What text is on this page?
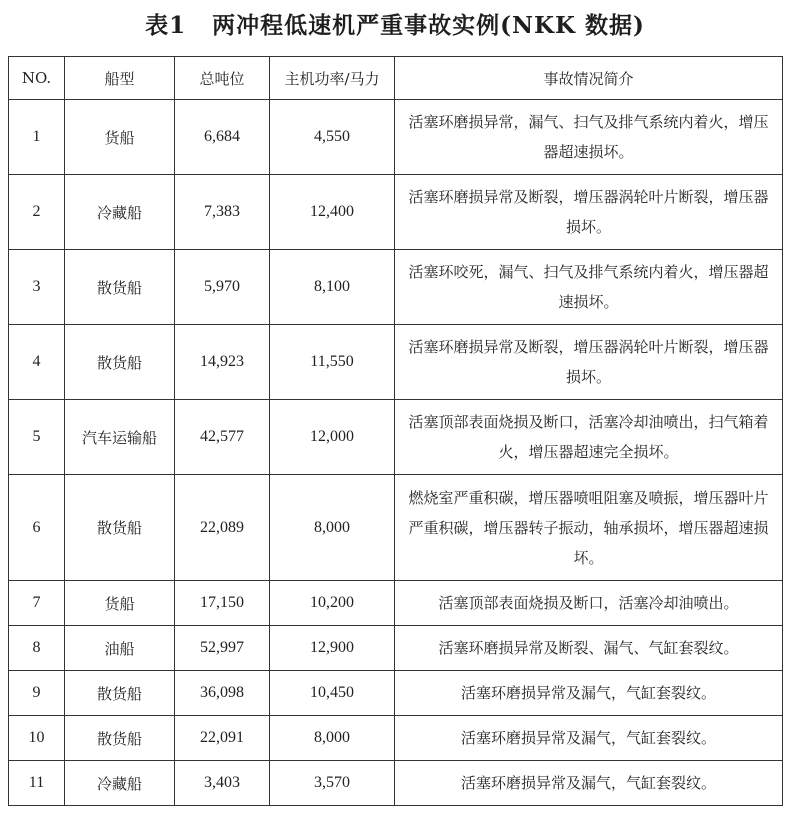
表1 两冲程低速机严重事故实例(NKK 数据)
NO.	船型	总吨位	主机功率/马力	事故情况简介
1	货船	6,684	4,550	活塞环磨损异常，漏气、扫气及排气系统内着火，增压器超速损坏。
2	冷藏船	7,383	12,400	活塞环磨损异常及断裂，增压器涡轮叶片断裂，增压器损坏。
3	散货船	5,970	8,100	活塞环咬死，漏气、扫气及排气系统内着火，增压器超速损坏。
4	散货船	14,923	11,550	活塞环磨损异常及断裂，增压器涡轮叶片断裂，增压器损坏。
5	汽车运输船	42,577	12,000	活塞顶部表面烧损及断口，活塞冷却油喷出，扫气箱着火，增压器超速完全损坏。
6	散货船	22,089	8,000	燃烧室严重积碳，增压器喷咀阻塞及喷振，增压器叶片严重积碳，增压器转子振动，轴承损坏，增压器超速损坏。
7	货船	17,150	10,200	活塞顶部表面烧损及断口，活塞冷却油喷出。
8	油船	52,997	12,900	活塞环磨损异常及断裂、漏气、气缸套裂纹。
9	散货船	36,098	10,450	活塞环磨损异常及漏气，气缸套裂纹。
10	散货船	22,091	8,000	活塞环磨损异常及漏气，气缸套裂纹。
11	冷藏船	3,403	3,570	活塞环磨损异常及漏气，气缸套裂纹。
